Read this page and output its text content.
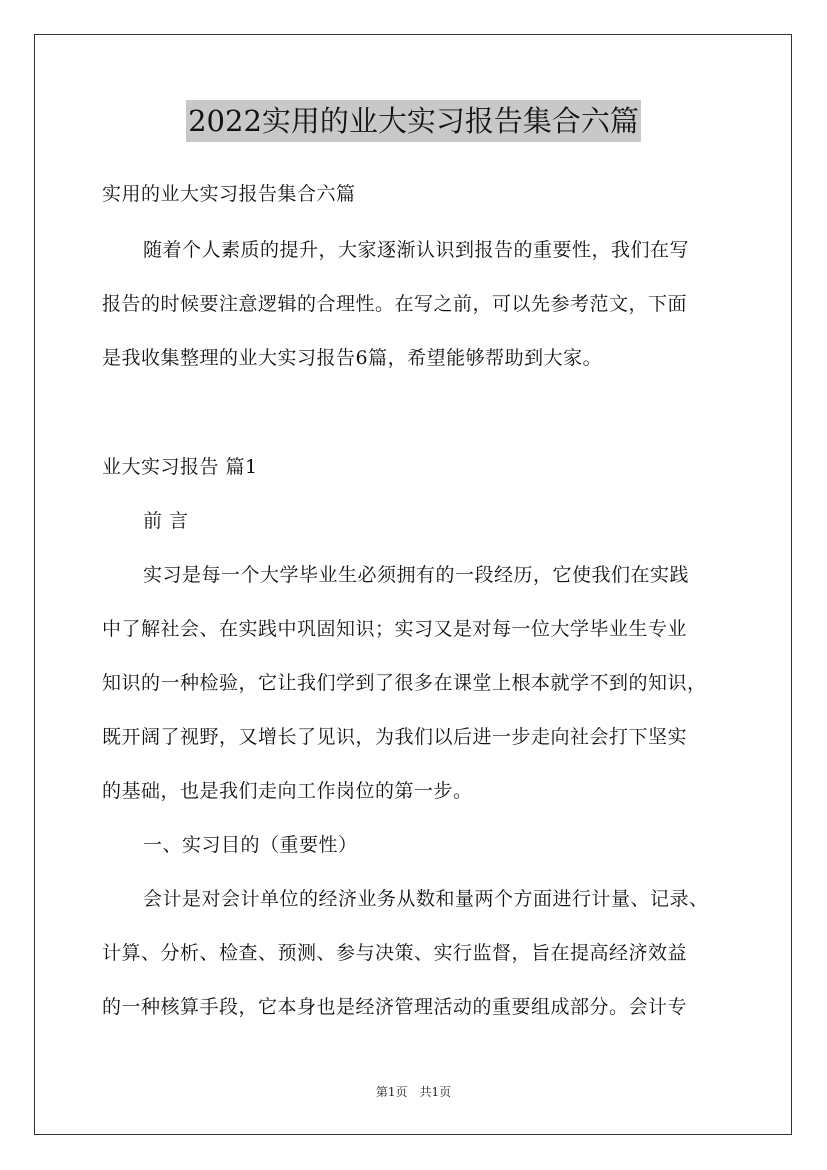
2022实用的业大实习报告集合六篇
实用的业大实习报告集合六篇
随着个人素质的提升，大家逐渐认识到报告的重要性，我们在写
报告的时候要注意逻辑的合理性。在写之前，可以先参考范文，下面
是我收集整理的业大实习报告6篇，希望能够帮助到大家。
业大实习报告 篇1
前 言
实习是每一个大学毕业生必须拥有的一段经历，它使我们在实践
中了解社会、在实践中巩固知识；实习又是对每一位大学毕业生专业
知识的一种检验，它让我们学到了很多在课堂上根本就学不到的知识，
既开阔了视野，又增长了见识，为我们以后进一步走向社会打下坚实
的基础，也是我们走向工作岗位的第一步。
一、实习目的（重要性）
会计是对会计单位的经济业务从数和量两个方面进行计量、记录、
计算、分析、检查、预测、参与决策、实行监督，旨在提高经济效益
的一种核算手段，它本身也是经济管理活动的重要组成部分。会计专
第1页　共1页
